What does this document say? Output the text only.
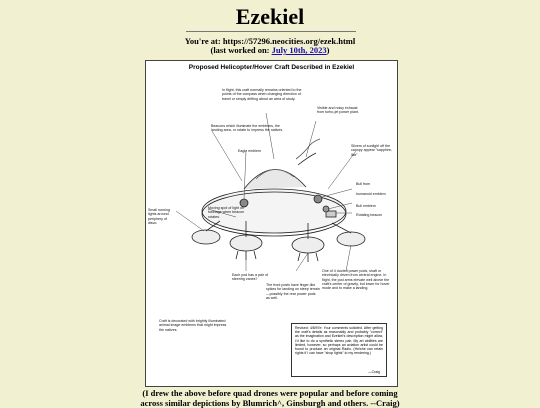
Ezekiel
You're at: https://57296.neocities.org/ezek.html
(last worked on: July 10th, 2023)
Proposed Helicopter/Hover Craft Described in Ezekiel
In flight, this craft normally remains oriented to the points of the compass when changing direction of travel or simply drifting about an area of study.
Visible and noisy exhaust from turbo-jet power plant.
Beacons which illuminate the emblems, the landing area, or rotate to impress the natives.
Slivers of sunlight off the canopy appear "sapphire-like"
Eagle emblem
Bull from
humanoid emblem
Bull emblem
Rotating beacon
Moving spot of light on fuselage when beacon rotates.
Small running lights around periphery of disco.
Each pod has a pair of steering vanes?
The front posts have finger-like spikes for landing on steep terrain—possibly the rear power pods as well.
One of 4 ducted power pods, shaft or electrically driven from central engine. In flight, the pod arms elevate well above the craft's center of gravity, but lower for hover mode and to make a landing.
Craft is decorated with brightly illuminated animal image emblems that might impress the natives.	Revised: 4/8/97e: Your comments solicited. After getting the craft's details as reasonably and probably "correct" as the imagination and Ezekiel's description might allow, I'd like to do a synthetic stereo pair. My art abilities are limited, however, so perhaps an aviation artist could be found to produce an original Radio. (He/she can retain rights if I can have "shop lights" to my rendering.)
—Craig
(I drew the above before quad drones were popular and before coming
across similar depictions by Blumrich^, Ginsburgh and others. --Craig)
